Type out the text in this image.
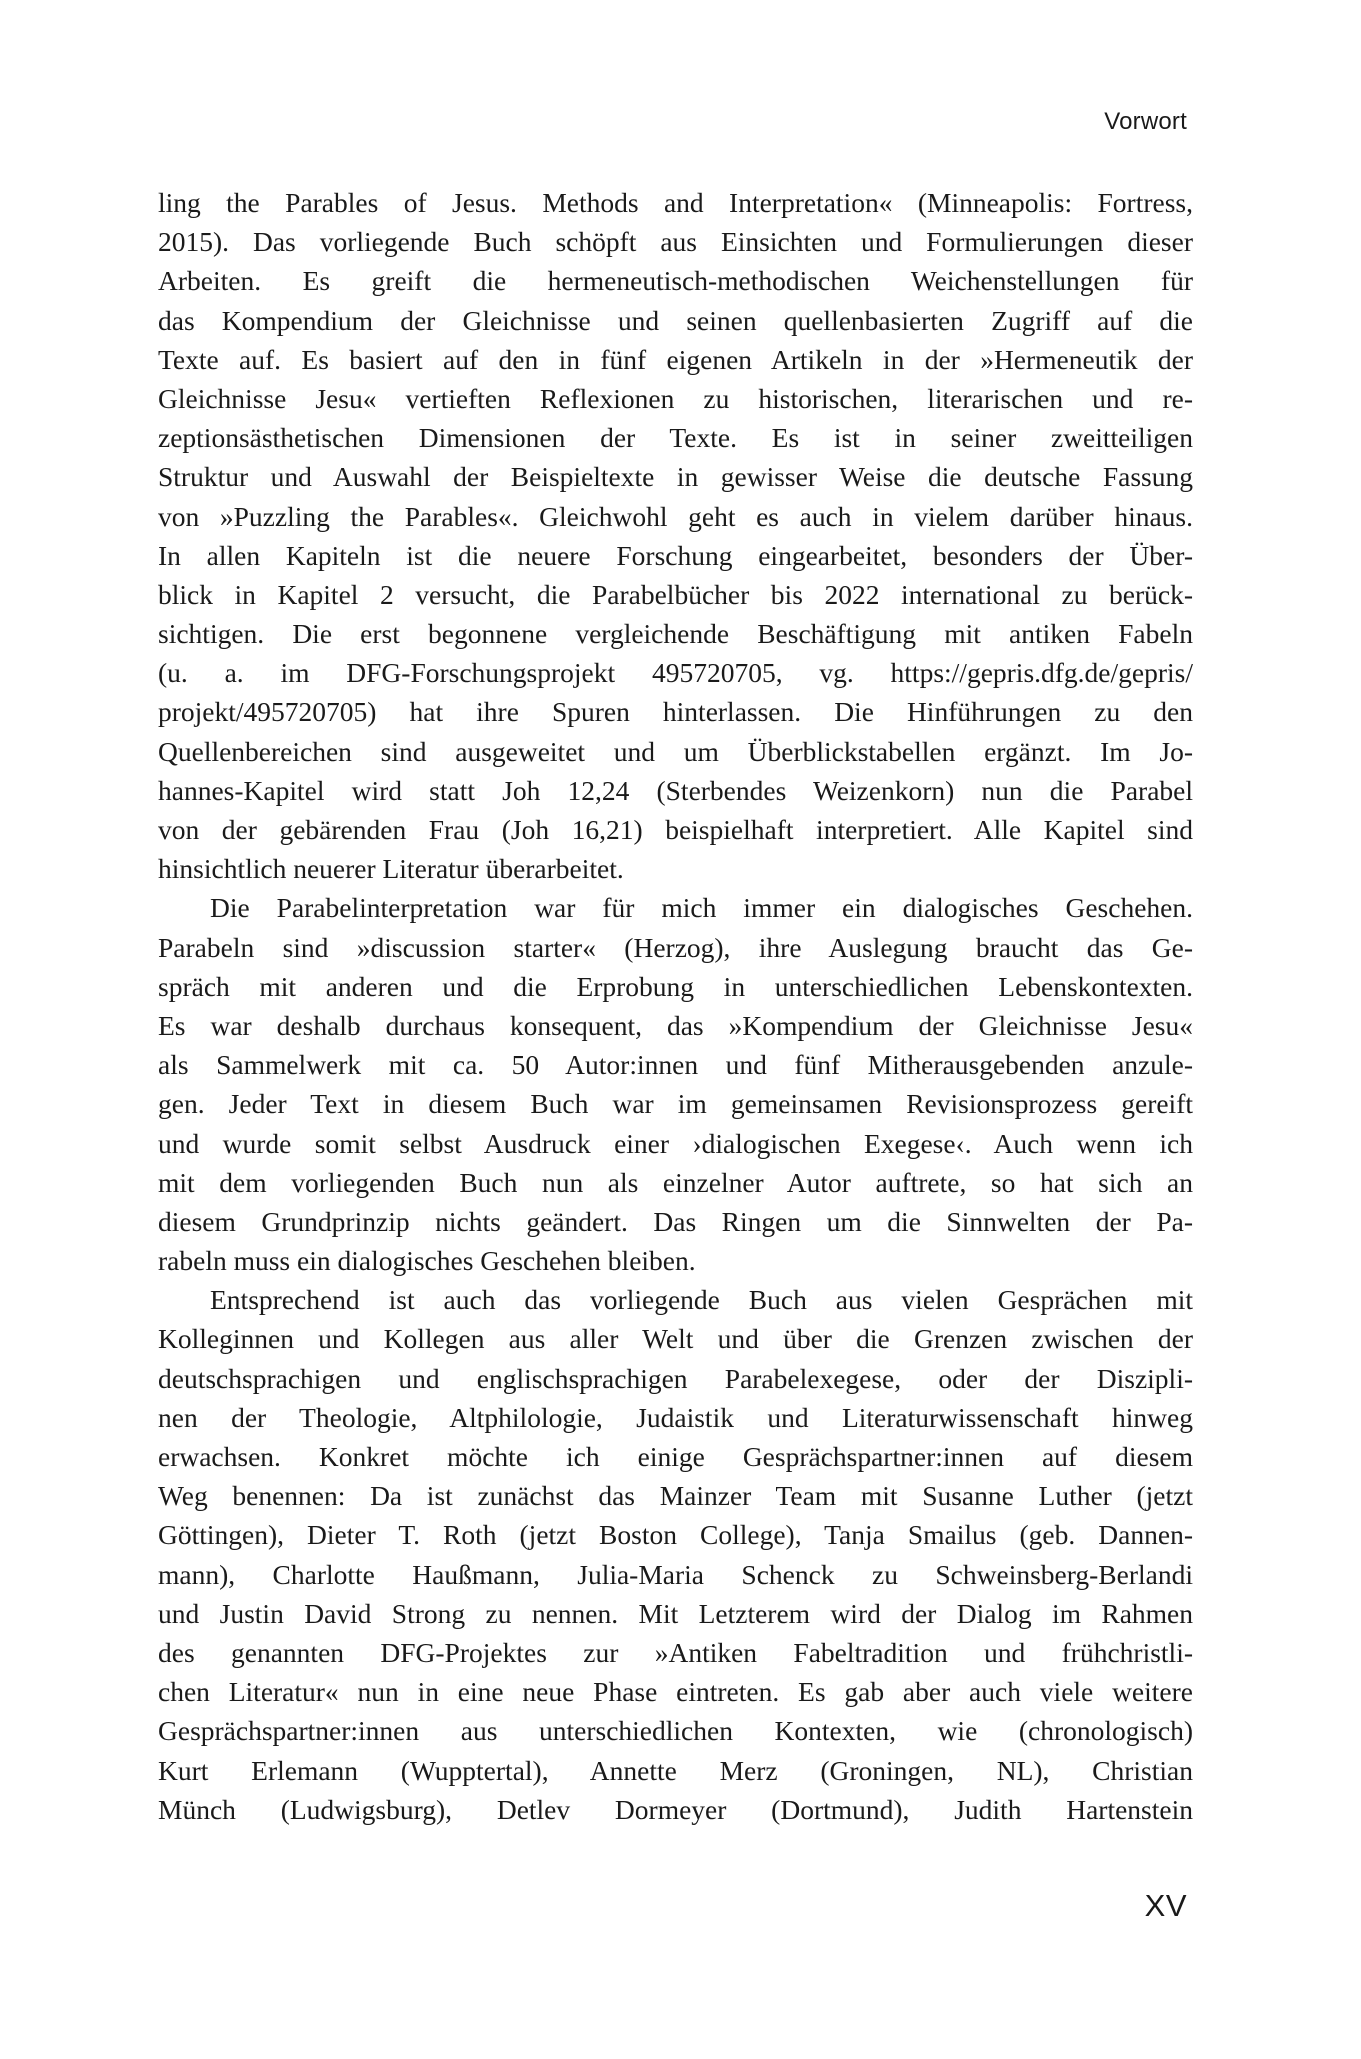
Vorwort
ling the Parables of Jesus. Methods and Interpretation« (Minneapolis: Fortress,
2015). Das vorliegende Buch schöpft aus Einsichten und Formulierungen dieser
Arbeiten. Es greift die hermeneutisch-methodischen Weichenstellungen für
das Kompendium der Gleichnisse und seinen quellenbasierten Zugriff auf die
Texte auf. Es basiert auf den in fünf eigenen Artikeln in der »Hermeneutik der
Gleichnisse Jesu« vertieften Reflexionen zu historischen, literarischen und re-
zeptionsästhetischen Dimensionen der Texte. Es ist in seiner zweitteiligen
Struktur und Auswahl der Beispieltexte in gewisser Weise die deutsche Fassung
von »Puzzling the Parables«. Gleichwohl geht es auch in vielem darüber hinaus.
In allen Kapiteln ist die neuere Forschung eingearbeitet, besonders der Über-
blick in Kapitel 2 versucht, die Parabelbücher bis 2022 international zu berück-
sichtigen. Die erst begonnene vergleichende Beschäftigung mit antiken Fabeln
(u. a. im DFG-Forschungsprojekt 495720705, vg. https://gepris.dfg.de/gepris/
projekt/495720705) hat ihre Spuren hinterlassen. Die Hinführungen zu den
Quellenbereichen sind ausgeweitet und um Überblickstabellen ergänzt. Im Jo-
hannes-Kapitel wird statt Joh 12,24 (Sterbendes Weizenkorn) nun die Parabel
von der gebärenden Frau (Joh 16,21) beispielhaft interpretiert. Alle Kapitel sind
hinsichtlich neuerer Literatur überarbeitet.
Die Parabelinterpretation war für mich immer ein dialogisches Geschehen.
Parabeln sind »discussion starter« (Herzog), ihre Auslegung braucht das Ge-
spräch mit anderen und die Erprobung in unterschiedlichen Lebenskontexten.
Es war deshalb durchaus konsequent, das »Kompendium der Gleichnisse Jesu«
als Sammelwerk mit ca. 50 Autor:innen und fünf Mitherausgebenden anzule-
gen. Jeder Text in diesem Buch war im gemeinsamen Revisionsprozess gereift
und wurde somit selbst Ausdruck einer ›dialogischen Exegese‹. Auch wenn ich
mit dem vorliegenden Buch nun als einzelner Autor auftrete, so hat sich an
diesem Grundprinzip nichts geändert. Das Ringen um die Sinnwelten der Pa-
rabeln muss ein dialogisches Geschehen bleiben.
Entsprechend ist auch das vorliegende Buch aus vielen Gesprächen mit
Kolleginnen und Kollegen aus aller Welt und über die Grenzen zwischen der
deutschsprachigen und englischsprachigen Parabelexegese, oder der Diszipli-
nen der Theologie, Altphilologie, Judaistik und Literaturwissenschaft hinweg
erwachsen. Konkret möchte ich einige Gesprächspartner:innen auf diesem
Weg benennen: Da ist zunächst das Mainzer Team mit Susanne Luther (jetzt
Göttingen), Dieter T. Roth (jetzt Boston College), Tanja Smailus (geb. Dannen-
mann), Charlotte Haußmann, Julia-Maria Schenck zu Schweinsberg-Berlandi
und Justin David Strong zu nennen. Mit Letzterem wird der Dialog im Rahmen
des genannten DFG-Projektes zur »Antiken Fabeltradition und frühchristli-
chen Literatur« nun in eine neue Phase eintreten. Es gab aber auch viele weitere
Gesprächspartner:innen aus unterschiedlichen Kontexten, wie (chronologisch)
Kurt Erlemann (Wupptertal), Annette Merz (Groningen, NL), Christian
Münch (Ludwigsburg), Detlev Dormeyer (Dortmund), Judith Hartenstein
XV
